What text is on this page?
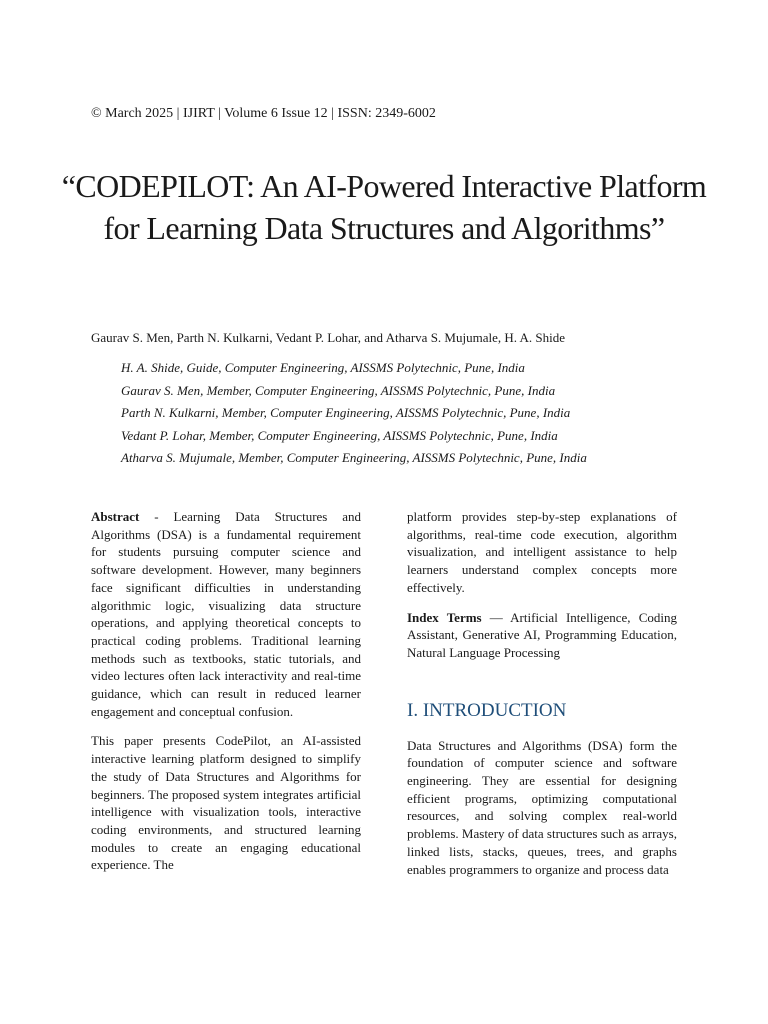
© March 2025 | IJIRT | Volume 6 Issue 12 | ISSN: 2349-6002
“CODEPILOT: An AI-Powered Interactive Platform for Learning Data Structures and Algorithms”
Gaurav S. Men, Parth N. Kulkarni, Vedant P. Lohar, and Atharva S. Mujumale, H. A. Shide
H. A. Shide, Guide, Computer Engineering, AISSMS Polytechnic, Pune, India
Gaurav S. Men, Member, Computer Engineering, AISSMS Polytechnic, Pune, India
Parth N. Kulkarni, Member, Computer Engineering, AISSMS Polytechnic, Pune, India
Vedant P. Lohar, Member, Computer Engineering, AISSMS Polytechnic, Pune, India
Atharva S. Mujumale, Member, Computer Engineering, AISSMS Polytechnic, Pune, India

Abstract - Learning Data Structures and Algorithms (DSA) is a fundamental requirement for students pursuing computer science and software development. However, many beginners face significant difficulties in understanding algorithmic logic, visualizing data structure operations, and applying theoretical concepts to practical coding problems. Traditional learning methods such as textbooks, static tutorials, and video lectures often lack interactivity and real-time guidance, which can result in reduced learner engagement and conceptual confusion.

This paper presents CodePilot, an AI-assisted interactive learning platform designed to simplify the study of Data Structures and Algorithms for beginners. The proposed system integrates artificial intelligence with visualization tools, interactive coding environments, and structured learning modules to create an engaging educational experience. The

platform provides step-by-step explanations of algorithms, real-time code execution, algorithm visualization, and intelligent assistance to help learners understand complex concepts more effectively.

Index Terms — Artificial Intelligence, Coding Assistant, Generative AI, Programming Education, Natural Language Processing

I. INTRODUCTION

Data Structures and Algorithms (DSA) form the foundation of computer science and software engineering. They are essential for designing efficient programs, optimizing computational resources, and solving complex real-world problems. Mastery of data structures such as arrays, linked lists, stacks, queues, trees, and graphs enables programmers to organize and process data
